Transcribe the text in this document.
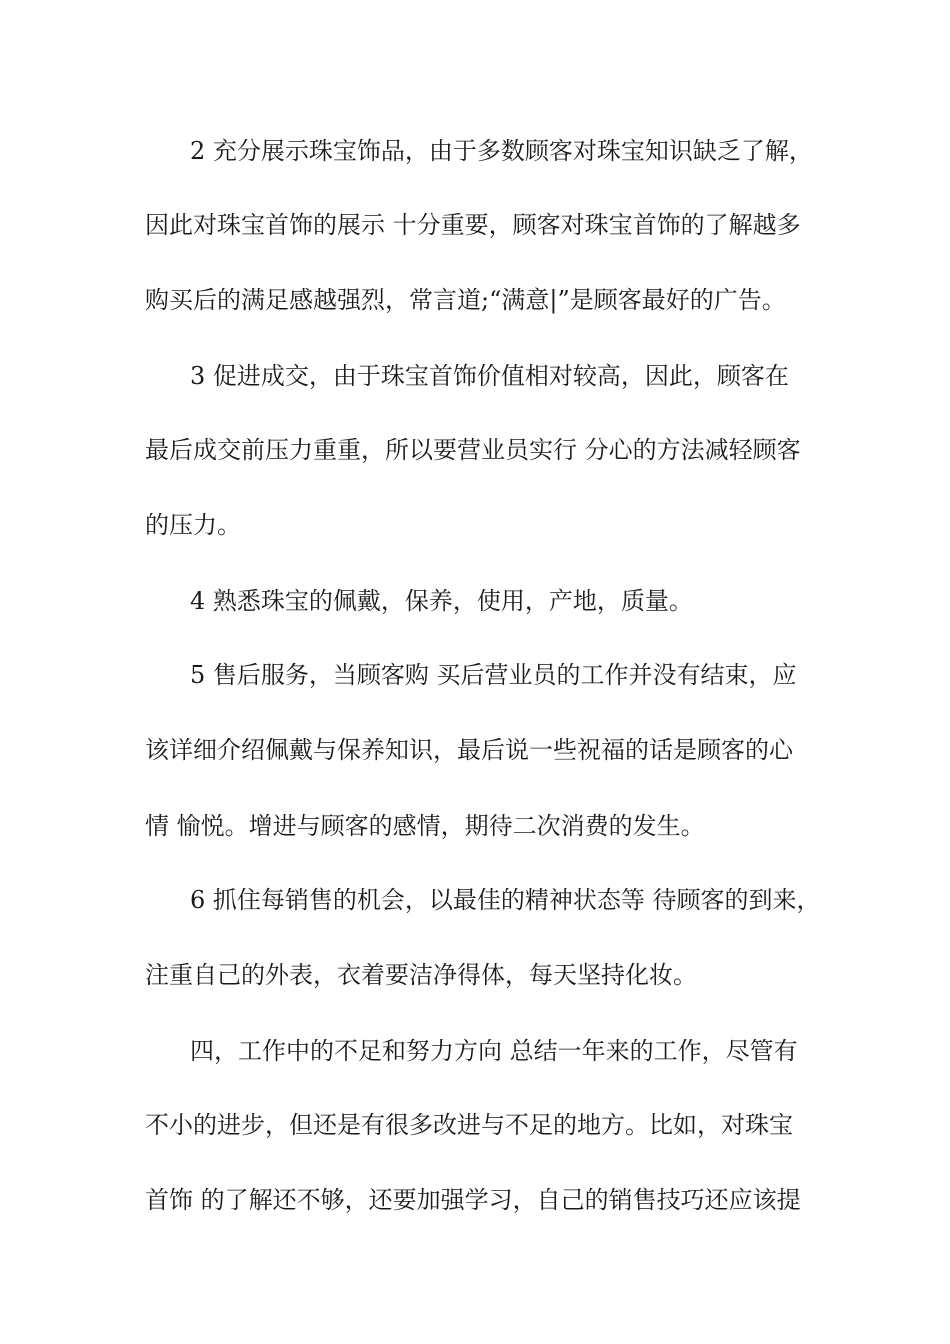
2 充分展示珠宝饰品，由于多数顾客对珠宝知识缺乏了解，
因此对珠宝首饰的展示 十分重要，顾客对珠宝首饰的了解越多
购买后的满足感越强烈，常言道;“满意|”是顾客最好的广告。
3 促进成交，由于珠宝首饰价值相对较高，因此，顾客在
最后成交前压力重重，所以要营业员实行 分心的方法减轻顾客
的压力。
4 熟悉珠宝的佩戴，保养，使用，产地，质量。
5 售后服务，当顾客购 买后营业员的工作并没有结束，应
该详细介绍佩戴与保养知识，最后说一些祝福的话是顾客的心
情 愉悦。增进与顾客的感情，期待二次消费的发生。
6 抓住每销售的机会，以最佳的精神状态等 待顾客的到来，
注重自己的外表，衣着要洁净得体，每天坚持化妆。
四，工作中的不足和努力方向 总结一年来的工作，尽管有
不小的进步，但还是有很多改进与不足的地方。比如，对珠宝
首饰 的了解还不够，还要加强学习，自己的销售技巧还应该提
